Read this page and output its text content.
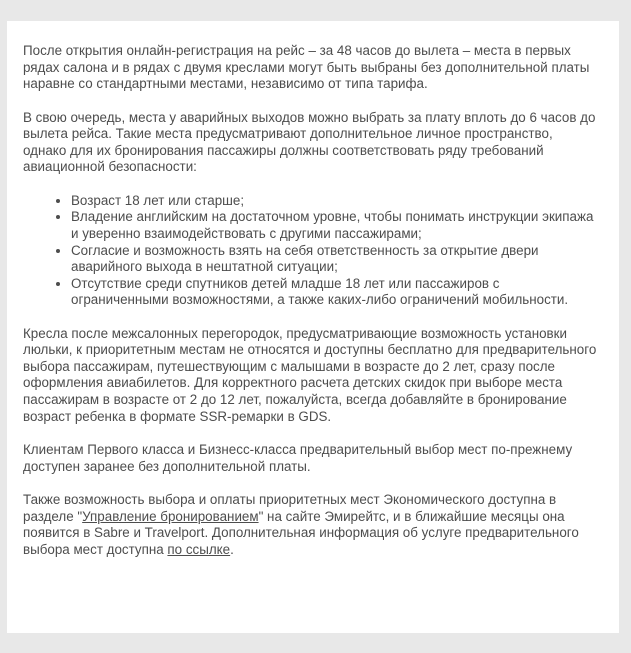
После открытия онлайн-регистрация на рейс – за 48 часов до вылета – места в первых рядах салона и в рядах с двумя креслами могут быть выбраны без дополнительной платы наравне со стандартными местами, независимо от типа тарифа.

В свою очередь, места у аварийных выходов можно выбрать за плату вплоть до 6 часов до вылета рейса. Такие места предусматривают дополнительное личное пространство, однако для их бронирования пассажиры должны соответствовать ряду требований авиационной безопасности:

• Возраст 18 лет или старше;
• Владение английским на достаточном уровне, чтобы понимать инструкции экипажа и уверенно взаимодействовать с другими пассажирами;
• Согласие и возможность взять на себя ответственность за открытие двери аварийного выхода в нештатной ситуации;
• Отсутствие среди спутников детей младше 18 лет или пассажиров с ограниченными возможностями, а также каких-либо ограничений мобильности.

Кресла после межсалонных перегородок, предусматривающие возможность установки люльки, к приоритетным местам не относятся и доступны бесплатно для предварительного выбора пассажирам, путешествующим с малышами в возрасте до 2 лет, сразу после оформления авиабилетов. Для корректного расчета детских скидок при выборе места пассажирам в возрасте от 2 до 12 лет, пожалуйста, всегда добавляйте в бронирование возраст ребенка в формате SSR-ремарки в GDS.

Клиентам Первого класса и Бизнесс-класса предварительный выбор мест по-прежнему доступен заранее без дополнительной платы.

Также возможность выбора и оплаты приоритетных мест Экономического доступна в разделе "Управление бронированием" на сайте Эмирейтс, и в ближайшие месяцы она появится в Sabre и Travelport. Дополнительная информация об услуге предварительного выбора мест доступна по ссылке.
